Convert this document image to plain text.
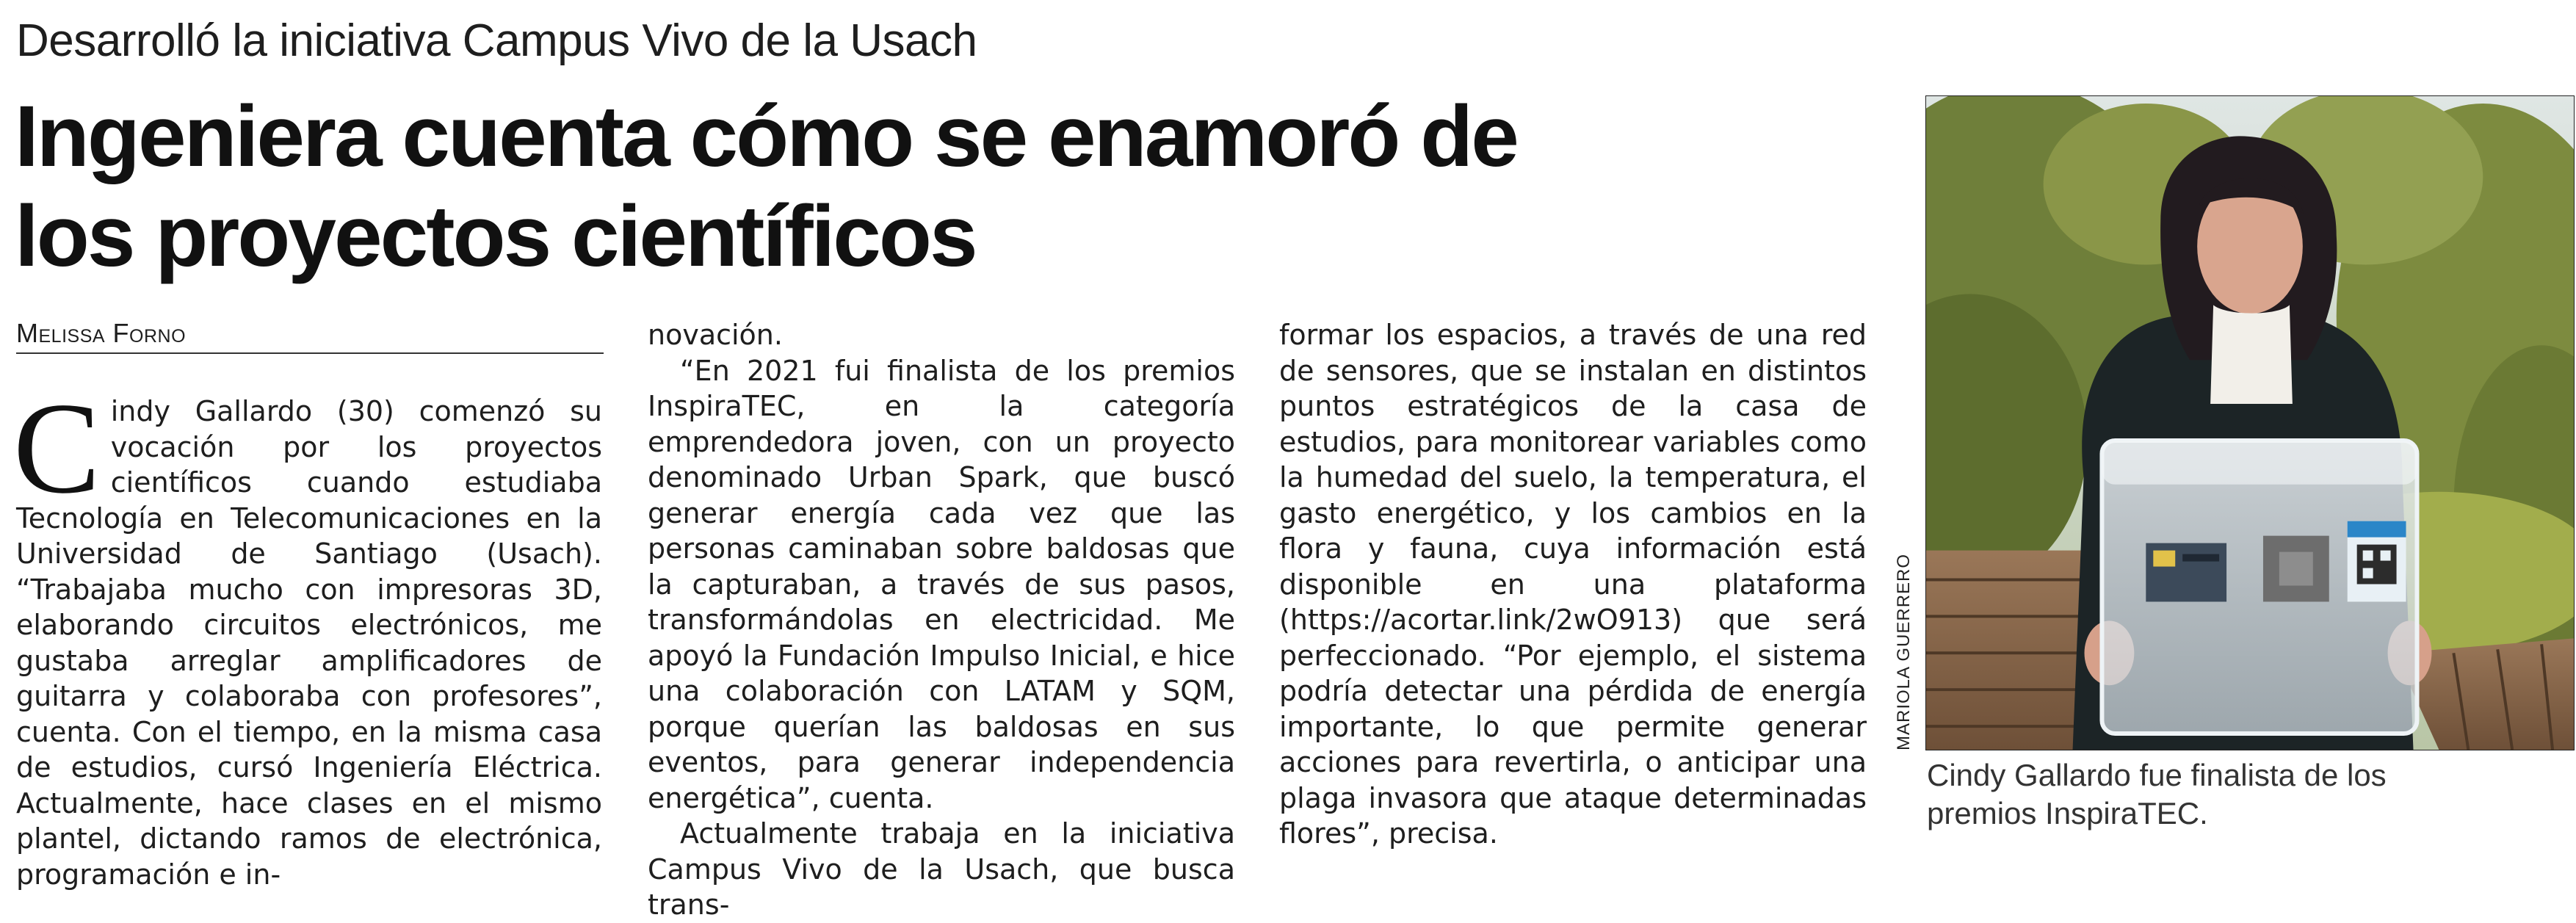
Desarrolló la iniciativa Campus Vivo de la Usach
Ingeniera cuenta cómo se enamoró de
los proyectos científicos
Melissa Forno

Cindy Gallardo (30) comenzó su vocación por los proyectos científicos cuando estudiaba Tecnología en Telecomunicaciones en la Universidad de Santiago (Usach). “Trabajaba mucho con impresoras 3D, elaborando circuitos electrónicos, me gustaba arreglar amplificadores de guitarra y colaboraba con profesores”, cuenta. Con el tiempo, en la misma casa de estudios, cursó Ingeniería Eléctrica. Actualmente, hace clases en el mismo plantel, dictando ramos de electrónica, programación e in-

novación.

“En 2021 fui finalista de los premios InspiraTEC, en la categoría emprendedora joven, con un proyecto denominado Urban Spark, que buscó generar energía cada vez que las personas caminaban sobre baldosas que la capturaban, a través de sus pasos, transformándolas en electricidad. Me apoyó la Fundación Impulso Inicial, e hice una colaboración con LATAM y SQM, porque querían las baldosas en sus eventos, para generar independencia energética”, cuenta.

Actualmente trabaja en la iniciativa Campus Vivo de la Usach, que busca trans-

formar los espacios, a través de una red de sensores, que se instalan en distintos puntos estratégicos de la casa de estudios, para monitorear variables como la humedad del suelo, la temperatura, el gasto energético, y los cambios en la flora y fauna, cuya información está disponible en una plataforma (https://acortar.link/2wO913) que será perfeccionado. “Por ejemplo, el sistema podría detectar una pérdida de energía importante, lo que permite generar acciones para revertirla, o anticipar una plaga invasora que ataque determinadas flores”, precisa.

MARIOLA GUERRERO
Cindy Gallardo fue finalista de los
premios InspiraTEC.
